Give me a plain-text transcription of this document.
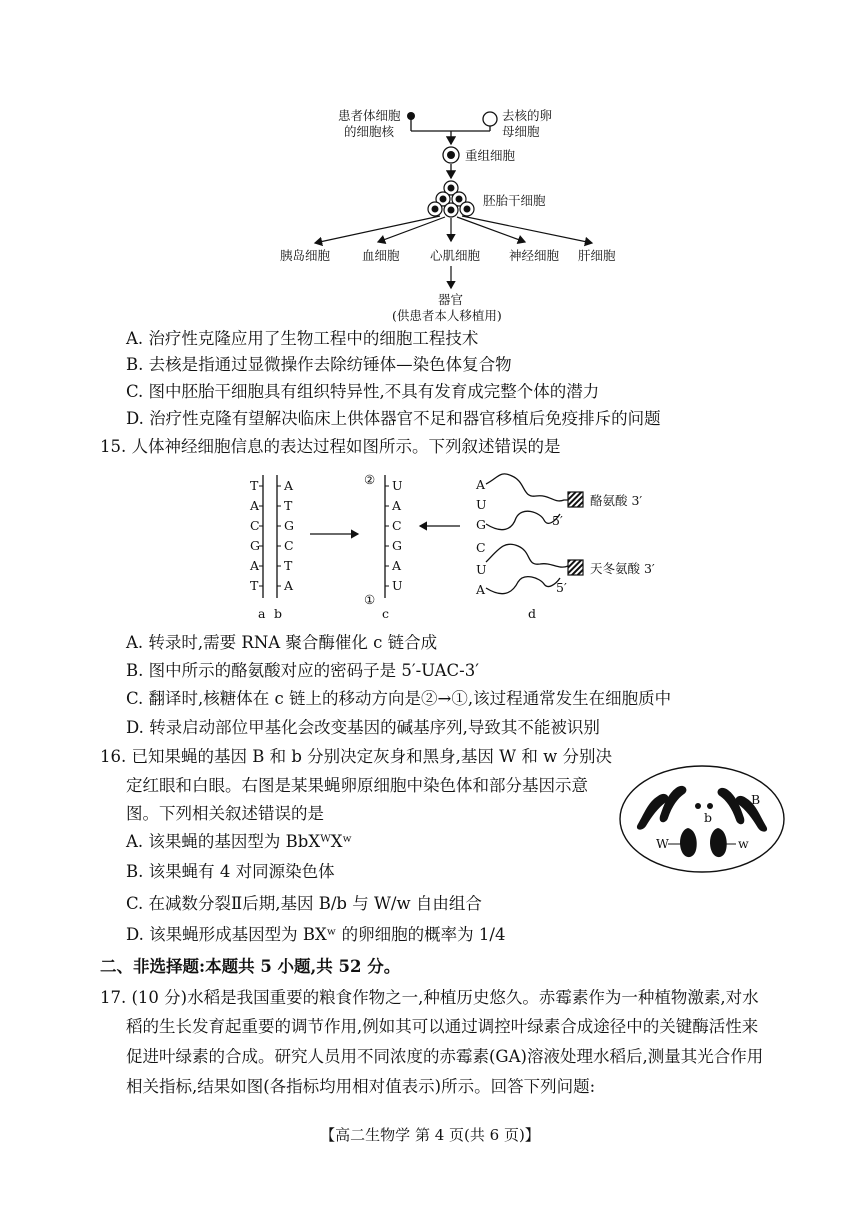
患者体细胞
的细胞核
去核的卵
母细胞
重组细胞
胚胎干细胞
胰岛细胞	血细胞 心肌细胞 神经细胞 肝细胞
器官
(供患者本人移植用)
A. 治疗性克隆应用了生物工程中的细胞工程技术
B. 去核是指通过显微操作去除纺锤体—染色体复合物
C. 图中胚胎干细胞具有组织特异性,不具有发育成完整个体的潜力
D. 治疗性克隆有望解决临床上供体器官不足和器官移植后免疫排斥的问题
15. 人体神经细胞信息的表达过程如图所示。下列叙述错误的是
T
A
C
G
A
T
A
T
G
C
T
A
a b
② U
A
C
G
A
U
①
c
A
U
G
酪氨酸 3′
5′
C
U
A
天冬氨酸 3′
5′
d
A. 转录时,需要 RNA 聚合酶催化 c 链合成
B. 图中所示的酪氨酸对应的密码子是 5′-UAC-3′
C. 翻译时,核糖体在 c 链上的移动方向是②→①,该过程通常发生在细胞质中
D. 转录启动部位甲基化会改变基因的碱基序列,导致其不能被识别
16. 已知果蝇的基因 B 和 b 分别决定灰身和黑身,基因 W 和 w 分别决
定红眼和白眼。右图是某果蝇卵原细胞中染色体和部分基因示意
图。下列相关叙述错误的是
A. 该果蝇的基因型为 BbXᵂXʷ
B. 该果蝇有 4 对同源染色体
C. 在减数分裂Ⅱ后期,基因 B/b 与 W/w 自由组合
D. 该果蝇形成基因型为 BXʷ 的卵细胞的概率为 1/4
B
b
W	w
二、非选择题:本题共 5 小题,共 52 分。
17. (10 分)水稻是我国重要的粮食作物之一,种植历史悠久。赤霉素作为一种植物激素,对水
稻的生长发育起重要的调节作用,例如其可以通过调控叶绿素合成途径中的关键酶活性来
促进叶绿素的合成。研究人员用不同浓度的赤霉素(GA)溶液处理水稻后,测量其光合作用
相关指标,结果如图(各指标均用相对值表示)所示。回答下列问题:
【高二生物学 第 4 页(共 6 页)】
